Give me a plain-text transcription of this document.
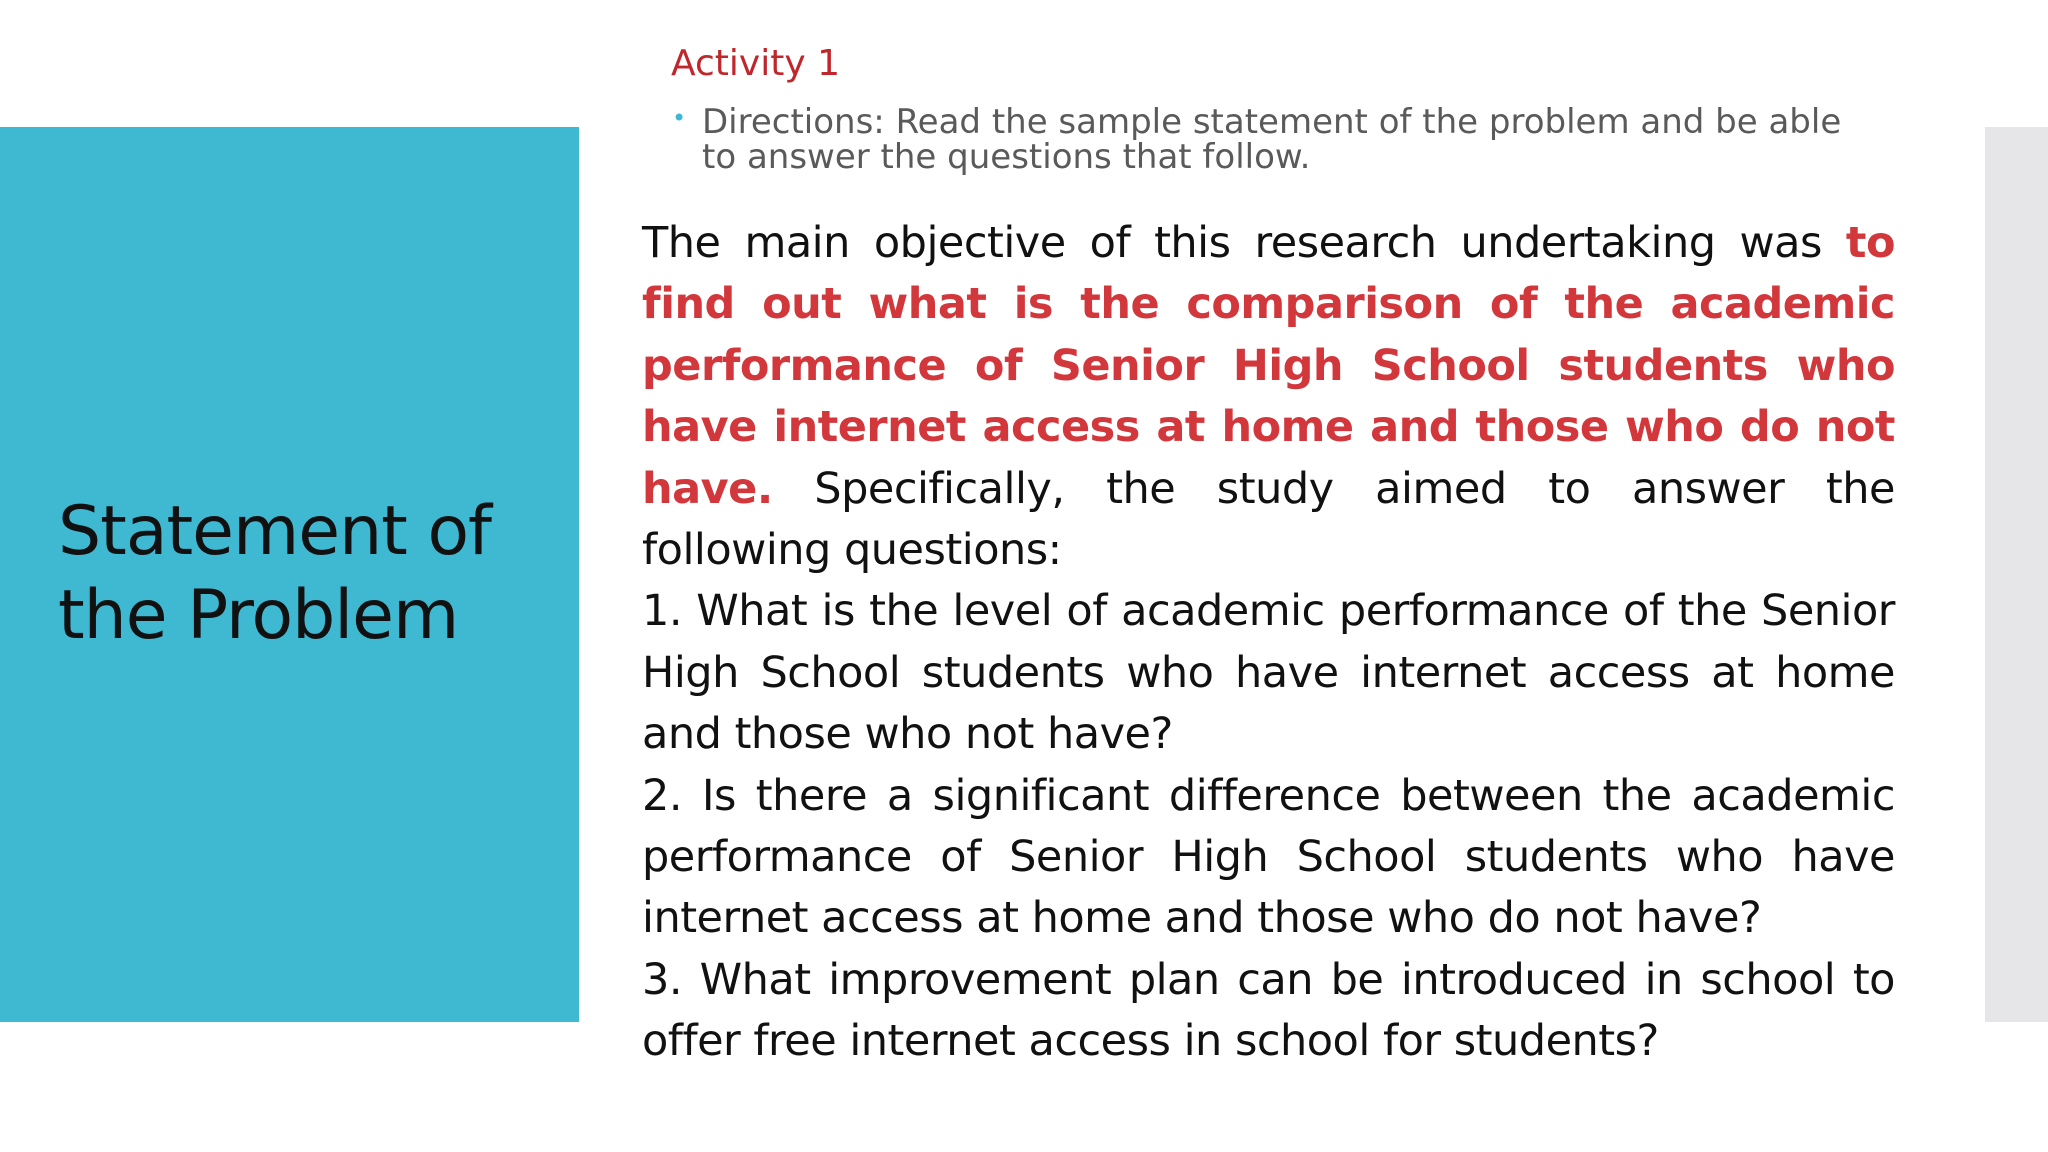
Statement of the Problem
Activity 1
• Directions: Read the sample statement of the problem and be able to answer the questions that follow.

The main objective of this research undertaking was to find out what is the comparison of the academic performance of Senior High School students who have internet access at home and those who do not have. Specifically, the study aimed to answer the following questions:

1. What is the level of academic performance of the Senior High School students who have internet access at home and those who not have?

2. Is there a significant difference between the academic performance of Senior High School students who have internet access at home and those who do not have?

3. What improvement plan can be introduced in school to offer free internet access in school for students?
